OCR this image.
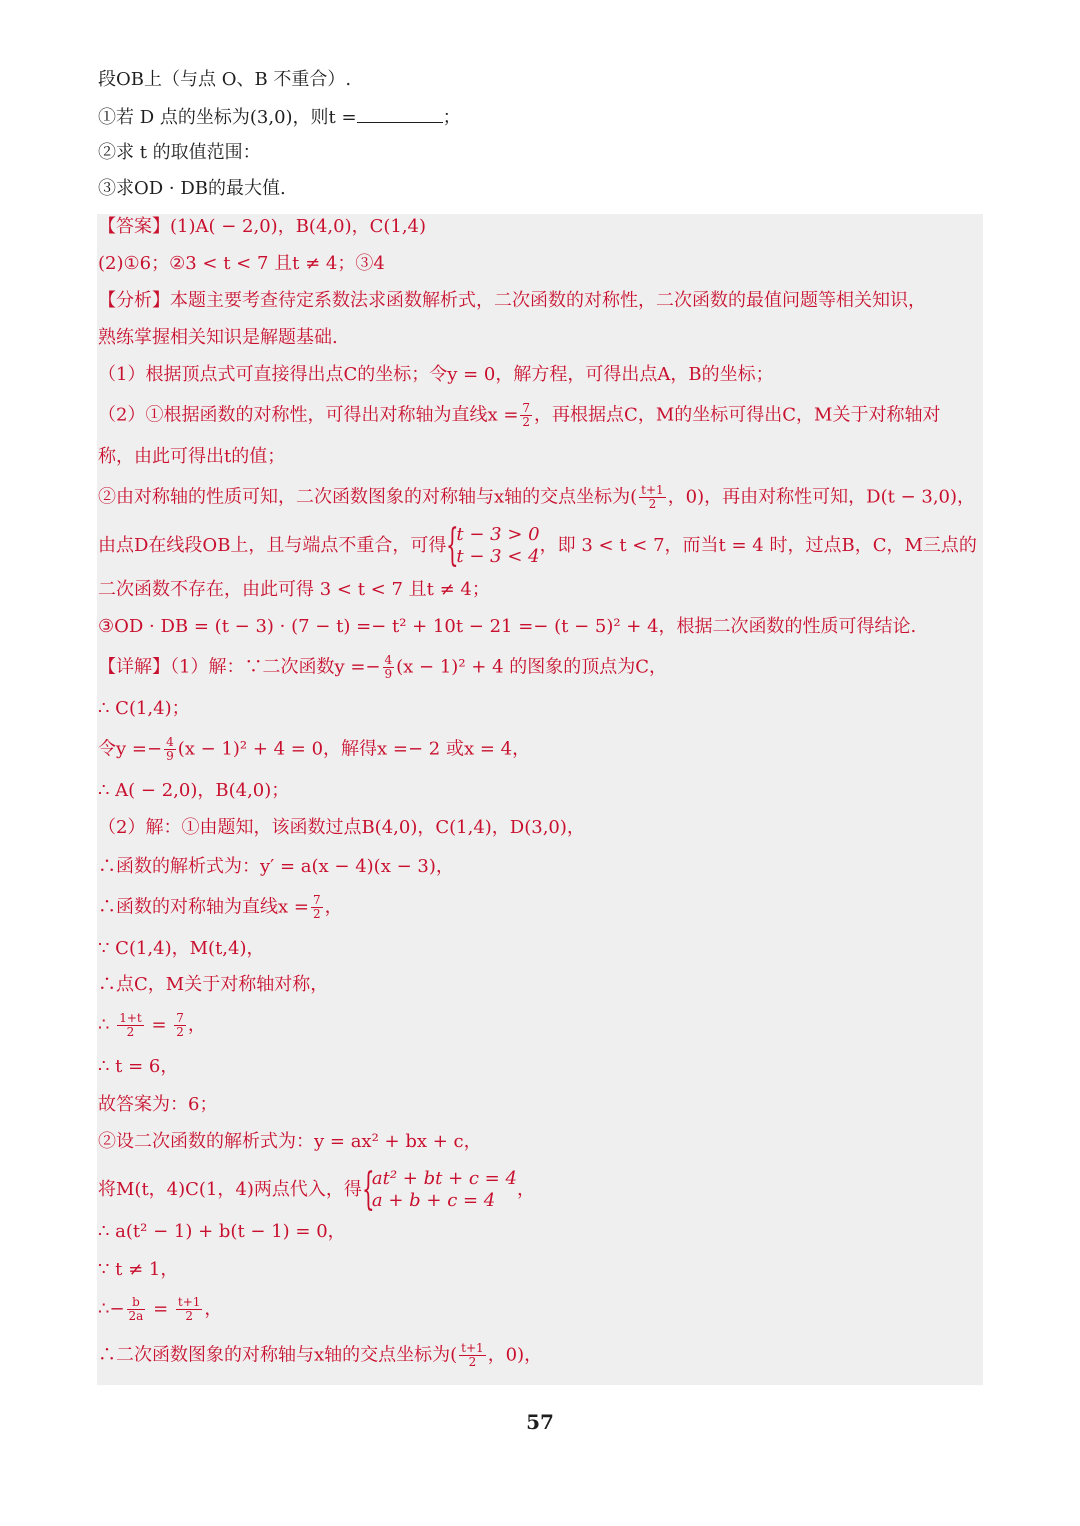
段OB上（与点 O、B 不重合）.
①若 D 点的坐标为(3,0)，则t =	；
②求 t 的取值范围：
③求OD · DB的最大值.
【答案】(1)A( − 2,0)，B(4,0)，C(1,4)
(2)①6；②3 < t < 7 且t ≠ 4；③4
【分析】本题主要考查待定系数法求函数解析式，二次函数的对称性，二次函数的最值问题等相关知识，
熟练掌握相关知识是解题基础.
（1）根据顶点式可直接得出点C的坐标；令y = 0，解方程，可得出点A，B的坐标；
（2）①根据函数的对称性，可得出对称轴为直线$x = \frac{7}{2}$ ，再根据点C，M的坐标可得出C，M关于对称轴对
称，由此可得出t的值；
②由对称轴的性质可知，二次函数图象的对称轴与x轴的交点坐标为( $\frac{t+1}{2}$ ，0)，再由对称性可知，D(t − 3,0)，
由点D在线段OB上，且与端点不重合，可得 {
t − 3 > 0
t − 3 < 4
，即 3 < t < 7，而当t = 4 时，过点B，C，M三点的
二次函数不存在，由此可得 3 < t < 7 且t ≠ 4；
③OD · DB = (t − 3) · (7 − t) =− t² + 10t − 21 =− (t − 5)² + 4，根据二次函数的性质可得结论.
【详解】（1）解：∵二次函数$y =- \frac{4}{9} (x - 1)^2 + 4$ 的图象的顶点为C，
∴ C(1,4)；
令$y =- \frac{4}{9} (x - 1)^2 + 4 = 0$，解得x =− 2 或x = 4，
∴ A( − 2,0)，B(4,0)；
（2）解：①由题知，该函数过点B(4,0)，C(1,4)，D(3,0)，
∴函数的解析式为：y′ = a(x − 4)(x − 3)，
∴函数的对称轴为直线$x = \frac{7}{2}$ ，
∵ C(1,4)，M(t,4)，
∴点C，M关于对称轴对称，
∴ $\frac{1+t}{2} = \frac{7}{2}$ ，
∴ t = 6，
故答案为：6；
②设二次函数的解析式为：y = ax² + bx + c，
将M(t，4)C(1，4)两点代入，得 {
at² + bt + c = 4
a + b + c = 4
，
∴ a(t² − 1) + b(t − 1) = 0，
∵ t ≠ 1，
∴− $\frac{b}{2a} = \frac{t+1}{2}$ ，
∴二次函数图象的对称轴与x轴的交点坐标为( $\frac{t+1}{2}$ ，0)，
57
